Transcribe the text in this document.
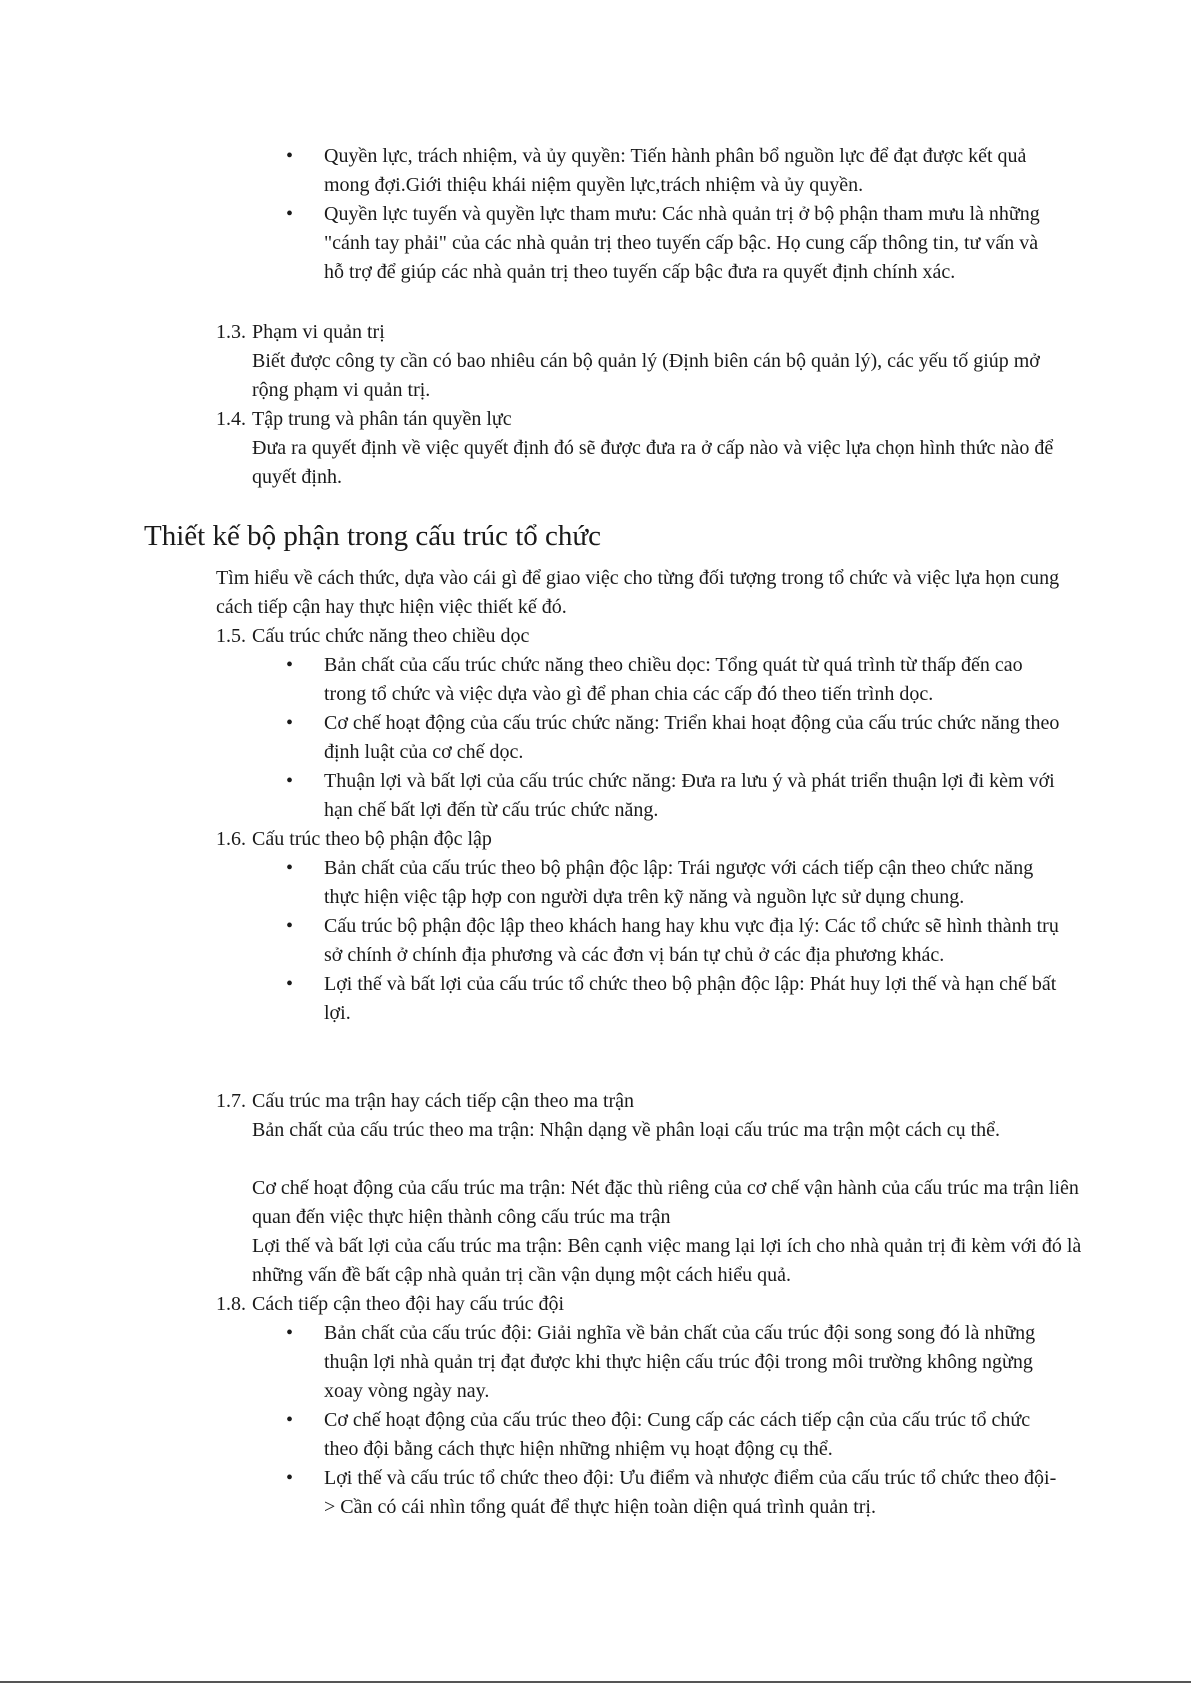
• Quyền lực, trách nhiệm, và ủy quyền: Tiến hành phân bổ nguồn lực để đạt được kết quả mong đợi.Giới thiệu khái niệm quyền lực,trách nhiệm và ủy quyền.
• Quyền lực tuyến và quyền lực tham mưu: Các nhà quản trị ở bộ phận tham mưu là những "cánh tay phải" của các nhà quản trị theo tuyến cấp bậc. Họ cung cấp thông tin, tư vấn và hỗ trợ để giúp các nhà quản trị theo tuyến cấp bậc đưa ra quyết định chính xác.
1.3. Phạm vi quản trị
Biết được công ty cần có bao nhiêu cán bộ quản lý (Định biên cán bộ quản lý), các yếu tố giúp mở rộng phạm vi quản trị.
1.4. Tập trung và phân tán quyền lực
Đưa ra quyết định về việc quyết định đó sẽ được đưa ra ở cấp nào và việc lựa chọn hình thức nào để quyết định.
Thiết kế bộ phận trong cấu trúc tổ chức
Tìm hiểu về cách thức, dựa vào cái gì để giao việc cho từng đối tượng trong tổ chức và việc lựa họn cung cách tiếp cận hay thực hiện việc thiết kế đó.
1.5. Cấu trúc chức năng theo chiều dọc
• Bản chất của cấu trúc chức năng theo chiều dọc: Tổng quát từ quá trình từ thấp đến cao trong tổ chức và việc dựa vào gì để phan chia các cấp đó theo tiến trình dọc.
• Cơ chế hoạt động của cấu trúc chức năng: Triển khai hoạt động của cấu trúc chức năng theo định luật của cơ chế dọc.
• Thuận lợi và bất lợi của cấu trúc chức năng: Đưa ra lưu ý và phát triển thuận lợi đi kèm với hạn chế bất lợi đến từ cấu trúc chức năng.
1.6. Cấu trúc theo bộ phận độc lập
• Bản chất của cấu trúc theo bộ phận độc lập: Trái ngược với cách tiếp cận theo chức năng thực hiện việc tập hợp con người dựa trên kỹ năng và nguồn lực sử dụng chung.
• Cấu trúc bộ phận độc lập theo khách hang hay khu vực địa lý: Các tổ chức sẽ hình thành trụ sở chính ở chính địa phương và các đơn vị bán tự chủ ở các địa phương khác.
• Lợi thế và bất lợi của cấu trúc tổ chức theo bộ phận độc lập: Phát huy lợi thế và hạn chế bất lợi.
1.7. Cấu trúc ma trận hay cách tiếp cận theo ma trận
Bản chất của cấu trúc theo ma trận: Nhận dạng về phân loại cấu trúc ma trận một cách cụ thể.
Cơ chế hoạt động của cấu trúc ma trận: Nét đặc thù riêng của cơ chế vận hành của cấu trúc ma trận liên quan đến việc thực hiện thành công cấu trúc ma trận
Lợi thế và bất lợi của cấu trúc ma trận: Bên cạnh việc mang lại lợi ích cho nhà quản trị đi kèm với đó là những vấn đề bất cập nhà quản trị cần vận dụng một cách hiểu quả.
1.8. Cách tiếp cận theo đội hay cấu trúc đội
• Bản chất của cấu trúc đội: Giải nghĩa về bản chất của cấu trúc đội song song đó là những thuận lợi nhà quản trị đạt được khi thực hiện cấu trúc đội trong môi trường không ngừng xoay vòng ngày nay.
• Cơ chế hoạt động của cấu trúc theo đội: Cung cấp các cách tiếp cận của cấu trúc tổ chức theo đội bằng cách thực hiện những nhiệm vụ hoạt động cụ thể.
• Lợi thế và cấu trúc tổ chức theo đội: Ưu điểm và nhược điểm của cấu trúc tổ chức theo đội-> Cần có cái nhìn tổng quát để thực hiện toàn diện quá trình quản trị.
